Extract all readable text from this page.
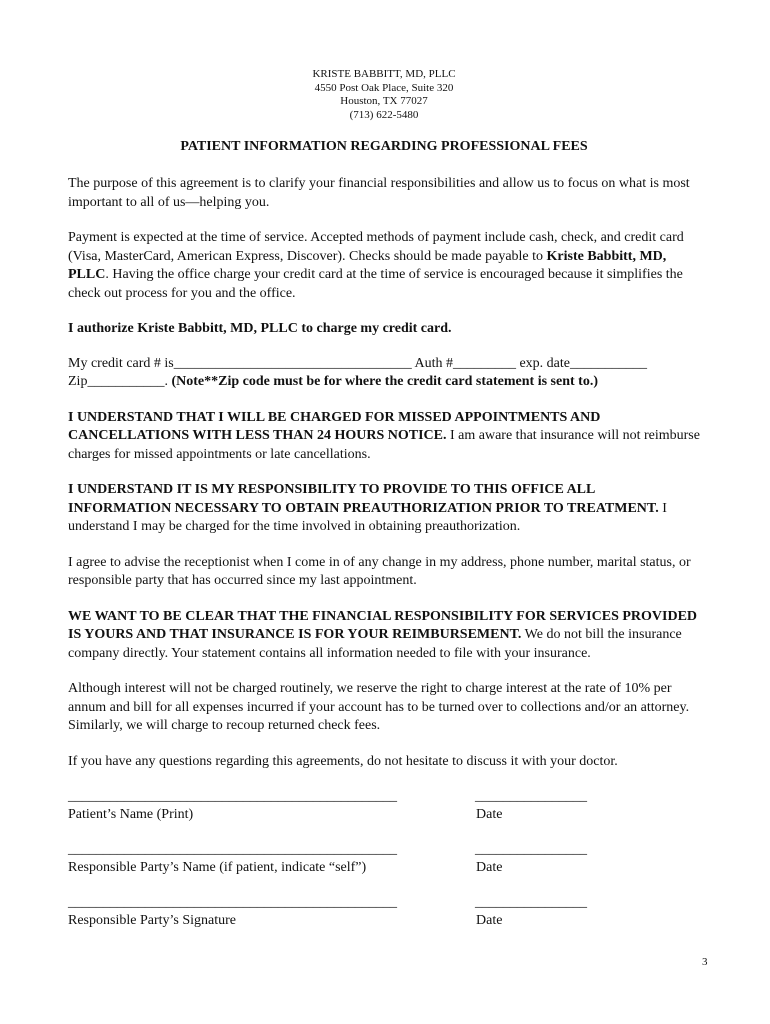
KRISTE BABBITT, MD, PLLC
4550 Post Oak Place, Suite 320
Houston, TX 77027
(713) 622-5480
PATIENT INFORMATION REGARDING PROFESSIONAL FEES

The purpose of this agreement is to clarify your financial responsibilities and allow us to focus on what is most important to all of us—helping you.

Payment is expected at the time of service. Accepted methods of payment include cash, check, and credit card (Visa, MasterCard, American Express, Discover). Checks should be made payable to Kriste Babbitt, MD, PLLC. Having the office charge your credit card at the time of service is encouraged because it simplifies the check out process for you and the office.

I authorize Kriste Babbitt, MD, PLLC to charge my credit card.

My credit card # is__________________________________ Auth #_________ exp. date___________
Zip___________. (Note**Zip code must be for where the credit card statement is sent to.)

I UNDERSTAND THAT I WILL BE CHARGED FOR MISSED APPOINTMENTS AND CANCELLATIONS WITH LESS THAN 24 HOURS NOTICE. I am aware that insurance will not reimburse charges for missed appointments or late cancellations.

I UNDERSTAND IT IS MY RESPONSIBILITY TO PROVIDE TO THIS OFFICE ALL INFORMATION NECESSARY TO OBTAIN PREAUTHORIZATION PRIOR TO TREATMENT. I understand I may be charged for the time involved in obtaining preauthorization.

I agree to advise the receptionist when I come in of any change in my address, phone number, marital status, or responsible party that has occurred since my last appointment.

WE WANT TO BE CLEAR THAT THE FINANCIAL RESPONSIBILITY FOR SERVICES PROVIDED IS YOURS AND THAT INSURANCE IS FOR YOUR REIMBURSEMENT. We do not bill the insurance company directly. Your statement contains all information needed to file with your insurance.

Although interest will not be charged routinely, we reserve the right to charge interest at the rate of 10% per annum and bill for all expenses incurred if your account has to be turned over to collections and/or an attorney. Similarly, we will charge to recoup returned check fees.

If you have any questions regarding this agreements, do not hesitate to discuss it with your doctor.

_______________________________________________
Patient’s Name (Print)
________________
Date
_______________________________________________
Responsible Party’s Name (if patient, indicate “self”)
________________
Date
_______________________________________________
Responsible Party’s Signature
________________
Date
3
